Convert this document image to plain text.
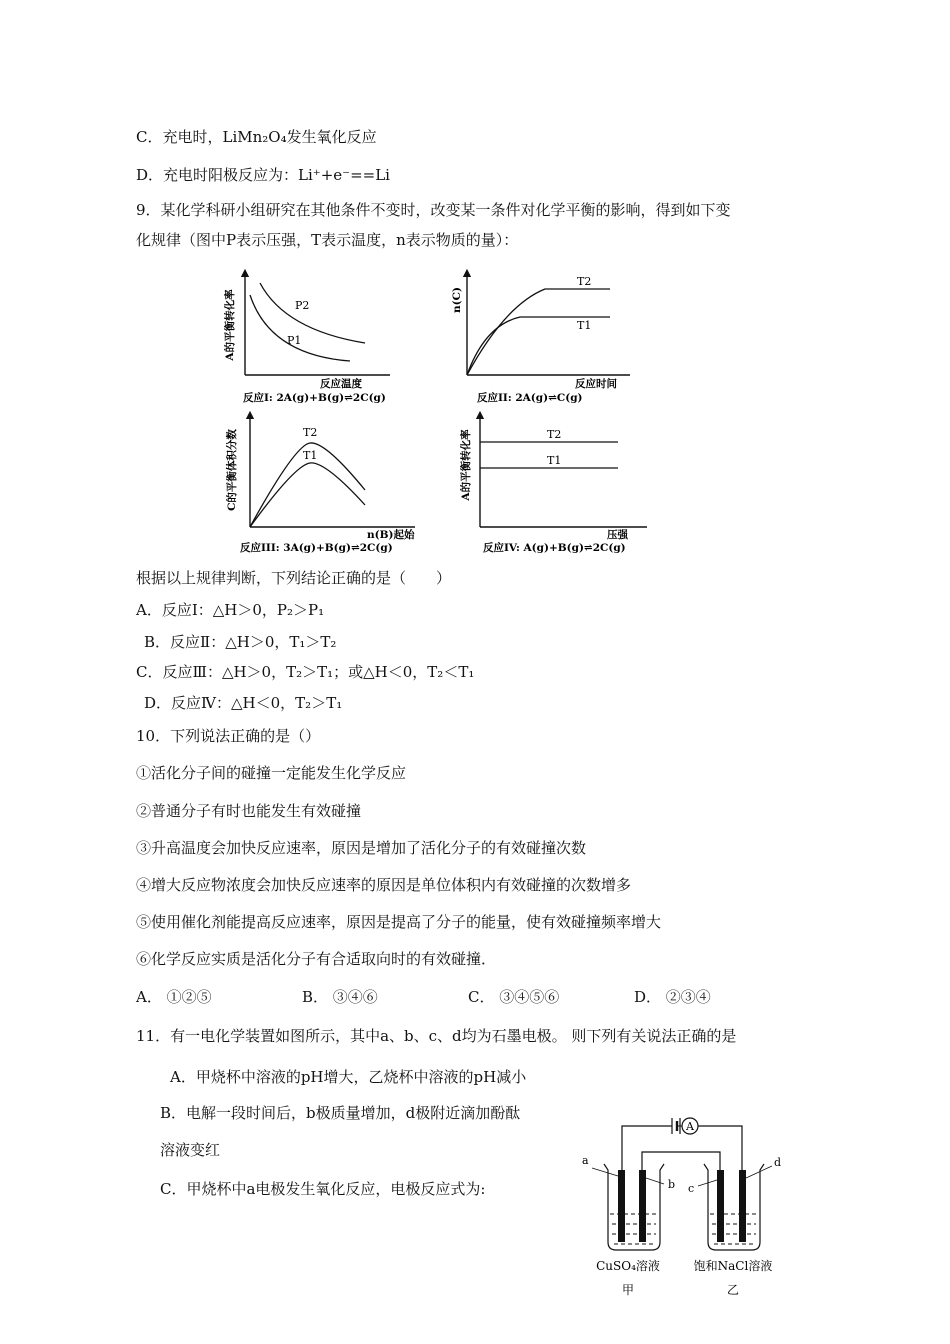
C．充电时，LiMn₂O₄发生氧化反应
D．充电时阳极反应为：Li⁺+e⁻==Li
9．某化学科研小组研究在其他条件不变时，改变某一条件对化学平衡的影响，得到如下变
化规律（图中P表示压强，T表示温度，n表示物质的量）：
P2
P1
反应温度
A的平衡转化率
反应I: 2A(g)+B(g)⇌2C(g)
T2
T1
反应时间
n(C)
反应II: 2A(g)⇌C(g)
T2
T1
n(B)起始
C的平衡体积分数
反应III: 3A(g)+B(g)⇌2C(g)
T2
T1
压强
A的平衡转化率
反应IV: A(g)+B(g)⇌2C(g)
根据以上规律判断，下列结论正确的是（　　）
A．反应Ⅰ：△H＞0，P₂＞P₁
B．反应Ⅱ：△H＞0，T₁＞T₂
C．反应Ⅲ：△H＞0，T₂＞T₁；或△H＜0，T₂＜T₁
D．反应Ⅳ：△H＜0，T₂＞T₁
10．下列说法正确的是（）
①活化分子间的碰撞一定能发生化学反应
②普通分子有时也能发生有效碰撞
③升高温度会加快反应速率，原因是增加了活化分子的有效碰撞次数
④增大反应物浓度会加快反应速率的原因是单位体积内有效碰撞的次数增多
⑤使用催化剂能提高反应速率，原因是提高了分子的能量，使有效碰撞频率增大
⑥化学反应实质是活化分子有合适取向时的有效碰撞．
A． ①②⑤	B． ③④⑥	C． ③④⑤⑥	D． ②③④
11．有一电化学装置如图所示，其中a、b、c、d均为石墨电极。 则下列有关说法正确的是
A．甲烧杯中溶液的pH增大，乙烧杯中溶液的pH减小
B．电解一段时间后，b极质量增加，d极附近滴加酚酞
溶液变红
C．甲烧杯中a电极发生氧化反应，电极反应式为:
A
a
b c
d
CuSO₄溶液
甲
饱和NaCl溶液
乙
